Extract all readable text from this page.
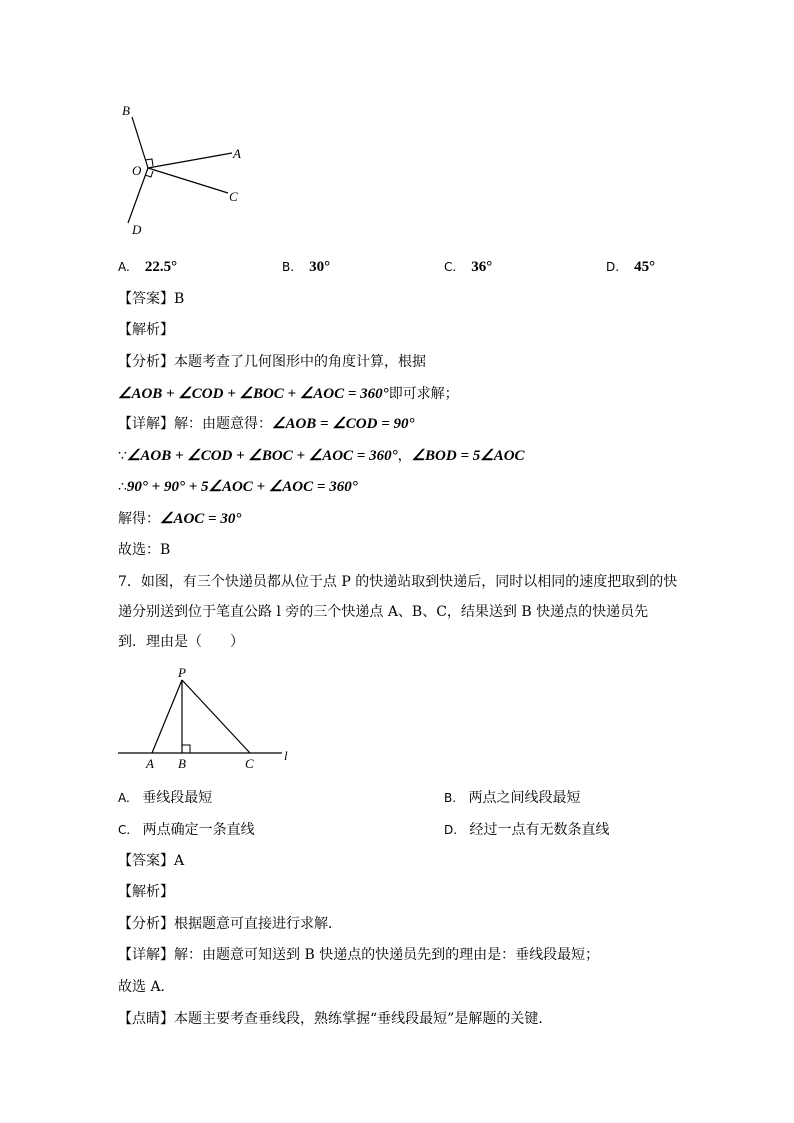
B
O
A
C
D
A. 22.5°	B. 30°	C. 36°	D. 45°
【答案】B
【解析】
【分析】本题考查了几何图形中的角度计算，根据
∠AOB + ∠COD + ∠BOC + ∠AOC = 360°即可求解；
【详解】解：由题意得：∠AOB = ∠COD = 90°
∵∠AOB + ∠COD + ∠BOC + ∠AOC = 360°，∠BOD = 5∠AOC
∴90° + 90° + 5∠AOC + ∠AOC = 360°
解得：∠AOC = 30°
故选：B
7．如图，有三个快递员都从位于点 P 的快递站取到快递后，同时以相同的速度把取到的快
递分别送到位于笔直公路 l 旁的三个快递点 A、B、C，结果送到 B 快递点的快递员先
到．理由是（　　）
P
A B	C
l
A. 垂线段最短	B. 两点之间线段最短
C. 两点确定一条直线	D. 经过一点有无数条直线
【答案】A
【解析】
【分析】根据题意可直接进行求解．
【详解】解：由题意可知送到 B 快递点的快递员先到的理由是：垂线段最短；
故选 A．
【点睛】本题主要考查垂线段，熟练掌握“垂线段最短”是解题的关键．
